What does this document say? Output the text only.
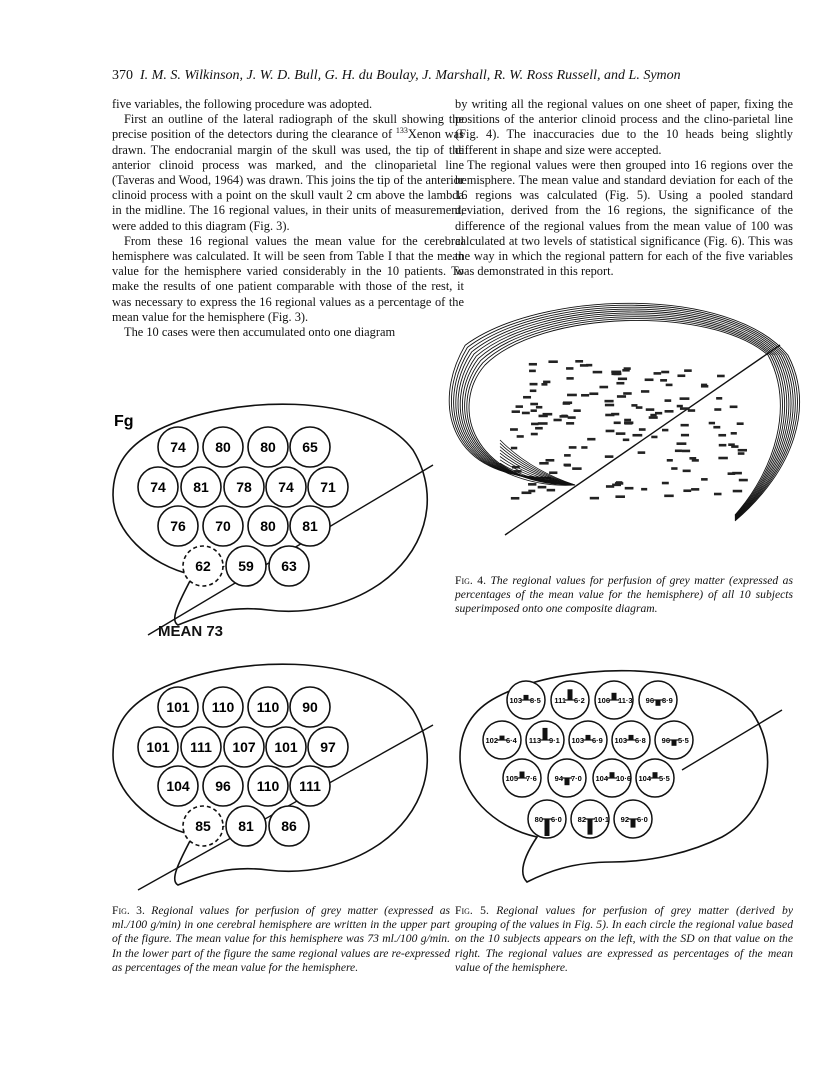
370 I. M. S. Wilkinson, J. W. D. Bull, G. H. du Boulay, J. Marshall, R. W. Ross Russell, and L. Symon

five variables, the following procedure was adopted.

First an outline of the lateral radiograph of the skull showing the precise position of the detectors during the clearance of $^{133}$Xenon was drawn. The endocranial margin of the skull was used, the tip of the anterior clinoid process was marked, and the clinoparietal line (Taveras and Wood, 1964) was drawn. This joins the tip of the anterior clinoid process with a point on the skull vault 2 cm above the lambda in the midline. The 16 regional values, in their units of measurement, were added to this diagram (Fig. 3).

From these 16 regional values the mean value for the cerebral hemisphere was calculated. It will be seen from Table I that the mean value for the hemisphere varied considerably in the 10 patients. To make the results of one patient comparable with those of the rest, it was necessary to express the 16 regional values as a percentage of the mean value for the hemisphere (Fig. 3).

The 10 cases were then accumulated onto one diagram

by writing all the regional values on one sheet of paper, fixing the positions of the anterior clinoid process and the clino-parietal line (Fig. 4). The inaccuracies due to the 10 heads being slightly different in shape and size were accepted.

The regional values were then grouped into 16 regions over the hemisphere. The mean value and standard deviation for each of the 16 regions was calculated (Fig. 5). Using a pooled standard deviation, derived from the 16 regions, the significance of the difference of the regional values from the mean value of 100 was calculated at two levels of statistical significance (Fig. 6). This was the way in which the regional pattern for each of the five variables was demonstrated in this report.

Fg
74 80 80 65
74 81 78 74 71
76 70 80 81
62 59 63
MEAN 73
101 110 110 90
101 111 107 101 97
104 96 110 111
85 81 86
Fig. 3. Regional values for perfusion of grey matter (expressed as ml./100 g/min) in one cerebral hemisphere are written in the upper part of the figure. The mean value for this hemisphere was 73 ml./100 g/min. In the lower part of the figure the same regional values are re-expressed as percentages of the mean value for the hemisphere.
Fig. 4. The regional values for perfusion of grey matter (expressed as percentages of the mean value for the hemisphere) of all 10 subjects superimposed onto one composite diagram.
103 8·5 111 6·2 106 11·3 96 8·9
102 6·4 113 9·1 103 6·9 103 6·8 96 5·5
105 7·6 94 7·0 104 10·6 104 5·5
80 6·0 82 10·1 92 6·0
Fig. 5. Regional values for perfusion of grey matter (derived by grouping of the values in Fig. 5). In each circle the regional value based on the 10 subjects appears on the left, with the SD on that value on the right. The regional values are expressed as percentages of the mean value of the hemisphere.
